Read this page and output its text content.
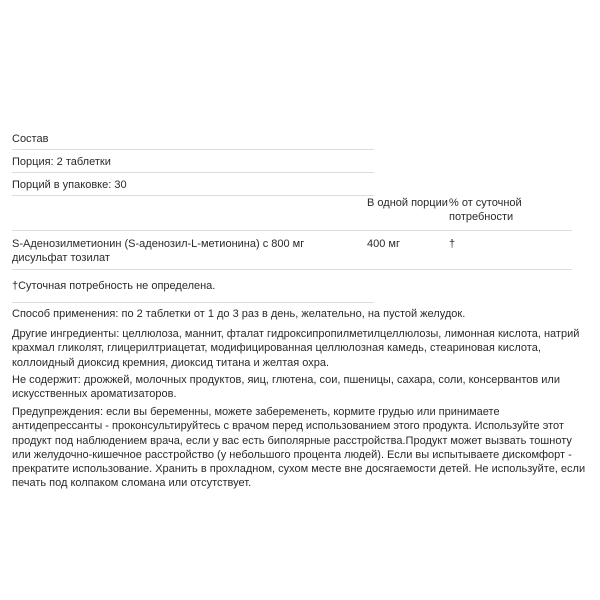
Состав
Порция: 2 таблетки
Порций в упаковке: 30
В одной порции % от суточной потребности
S-Аденозилметионин (S-аденозил-L-метионина) с 800 мг дисульфат тозилат
400 мг	†
†Суточная потребность не определена.

Способ применения: по 2 таблетки от 1 до 3 раз в день, желательно, на пустой желудок.

Другие ингредиенты: целлюлоза, маннит, фталат гидроксипропилметилцеллюлозы, лимонная кислота, натрий крахмал гликолят, глицерилтриацетат, модифицированная целлюлозная камедь, стеариновая кислота, коллоидный диоксид кремния, диоксид титана и желтая охра.

Не содержит: дрожжей, молочных продуктов, яиц, глютена, сои, пшеницы, сахара, соли, консервантов или искусственных ароматизаторов.

Предупреждения: если вы беременны, можете забеременеть, кормите грудью или принимаете антидепрессанты - проконсультируйтесь с врачом перед использованием этого продукта. Используйте этот продукт под наблюдением врача, если у вас есть биполярные расстройства.Продукт может вызвать тошноту или желудочно-кишечное расстройство (у небольшого процента людей). Если вы испытываете дискомфорт - прекратите использование. Хранить в прохладном, сухом месте вне досягаемости детей. Не используйте, если печать под колпаком сломана или отсутствует.
